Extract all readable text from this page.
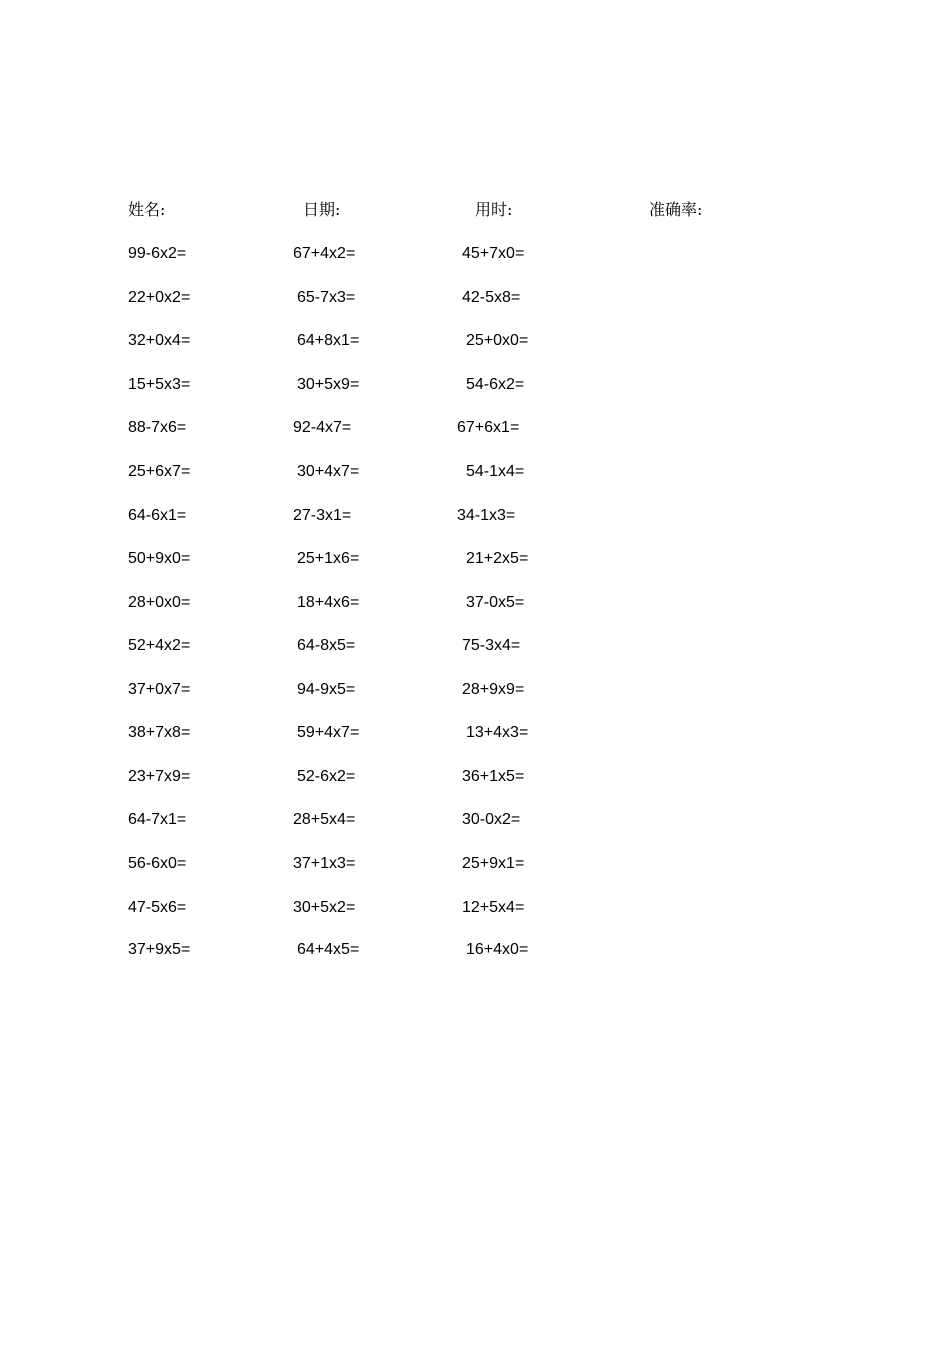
姓名:	日期:	用时:	准确率:
99-6x2=	67+4x2=	45+7x0=
22+0x2=	65-7x3=	42-5x8=
32+0x4=	64+8x1=	25+0x0=
15+5x3=	30+5x9=	54-6x2=
88-7x6=	92-4x7=	67+6x1=
25+6x7=	30+4x7=	54-1x4=
64-6x1=	27-3x1=	34-1x3=
50+9x0=	25+1x6=	21+2x5=
28+0x0=	18+4x6=	37-0x5=
52+4x2=	64-8x5=	75-3x4=
37+0x7=	94-9x5=	28+9x9=
38+7x8=	59+4x7=	13+4x3=
23+7x9=	52-6x2=	36+1x5=
64-7x1=	28+5x4=	30-0x2=
56-6x0=	37+1x3=	25+9x1=
47-5x6=	30+5x2=	12+5x4=
37+9x5=	64+4x5=	16+4x0=
